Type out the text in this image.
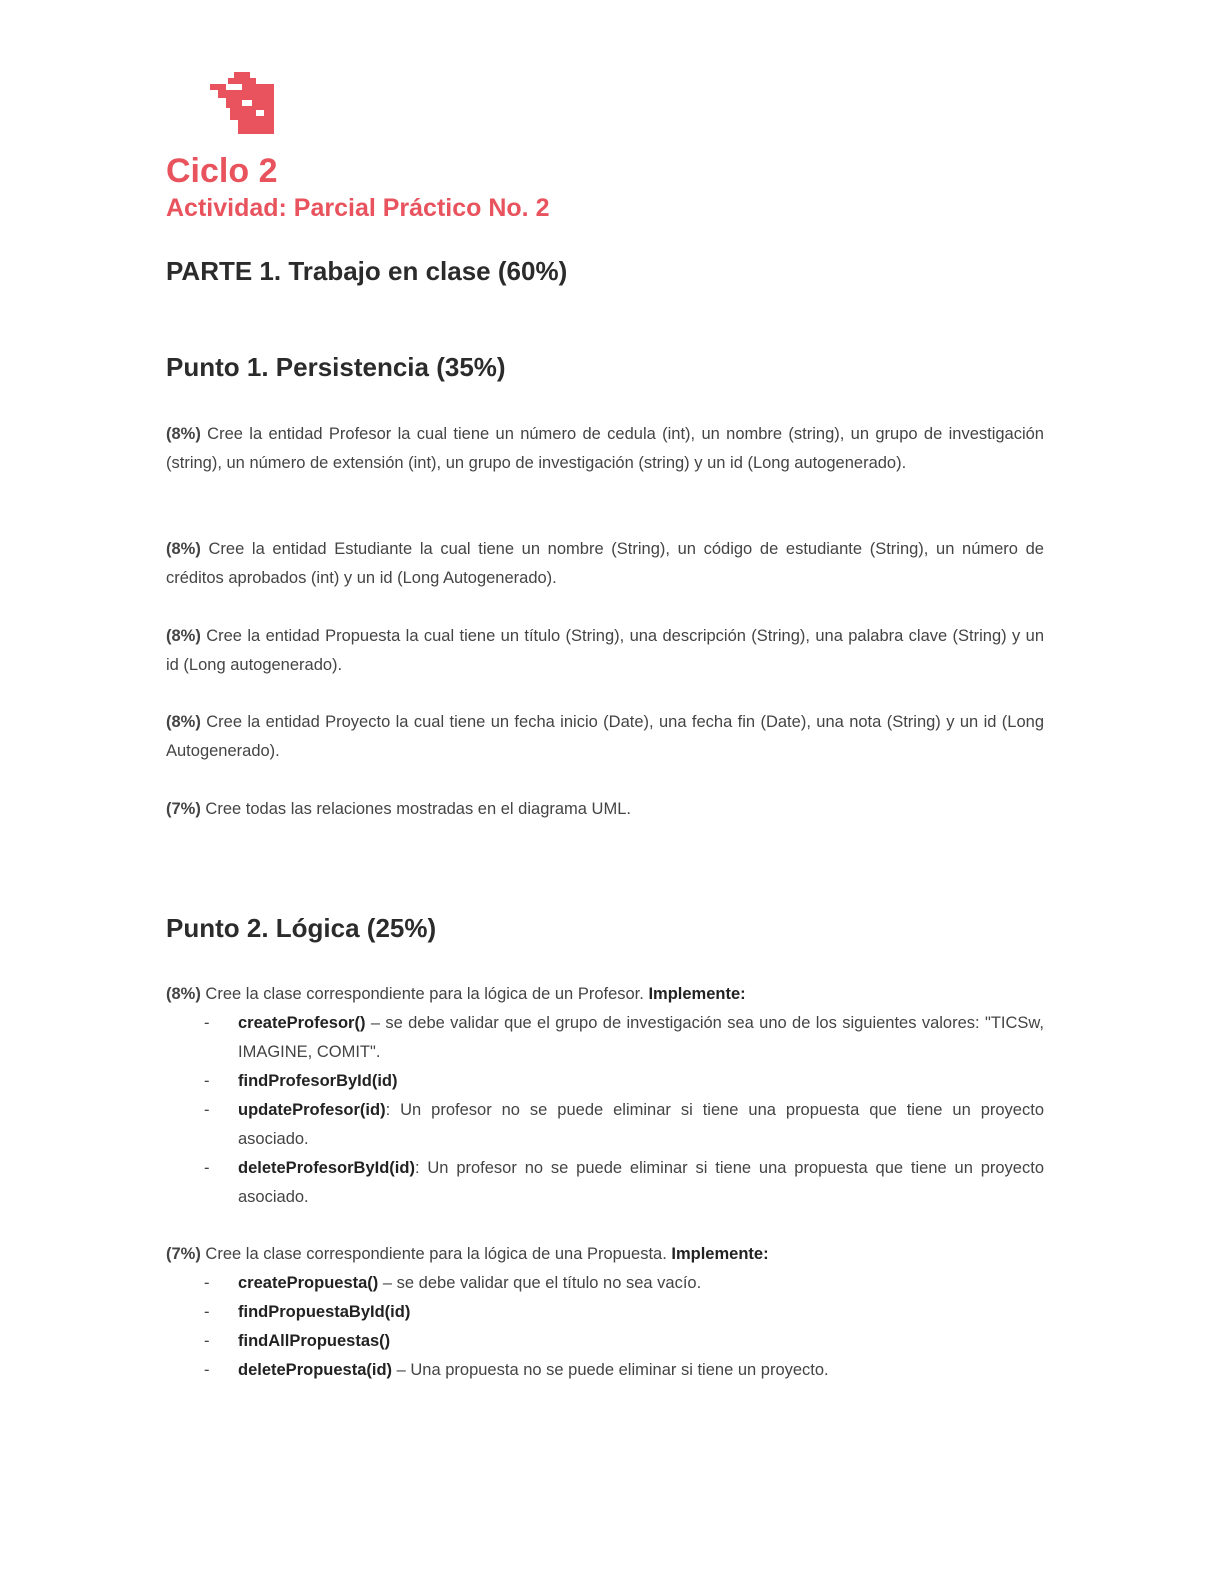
Ciclo 2
Actividad: Parcial Práctico No. 2
PARTE 1. Trabajo en clase (60%)
Punto 1. Persistencia (35%)

(8%) Cree la entidad Profesor la cual tiene un número de cedula (int), un nombre (string), un grupo de investigación (string), un número de extensión (int), un grupo de investigación (string) y un id (Long autogenerado).

(8%) Cree la entidad Estudiante la cual tiene un nombre (String), un código de estudiante (String), un número de créditos aprobados (int) y un id (Long Autogenerado).

(8%) Cree la entidad Propuesta la cual tiene un título (String), una descripción (String), una palabra clave (String) y un id (Long autogenerado).

(8%) Cree la entidad Proyecto la cual tiene un fecha inicio (Date), una fecha fin (Date), una nota (String) y un id (Long Autogenerado).

(7%) Cree todas las relaciones mostradas en el diagrama UML.

Punto 2. Lógica (25%)

(8%) Cree la clase correspondiente para la lógica de un Profesor. Implemente:

- createProfesor() – se debe validar que el grupo de investigación sea uno de los siguientes valores: "TICSw, IMAGINE, COMIT".
- findProfesorById(id)
- updateProfesor(id): Un profesor no se puede eliminar si tiene una propuesta que tiene un proyecto asociado.
- deleteProfesorById(id): Un profesor no se puede eliminar si tiene una propuesta que tiene un proyecto asociado.

(7%) Cree la clase correspondiente para la lógica de una Propuesta. Implemente:

- createPropuesta() – se debe validar que el título no sea vacío.
- findPropuestaById(id)
- findAllPropuestas()
- deletePropuesta(id) – Una propuesta no se puede eliminar si tiene un proyecto.
